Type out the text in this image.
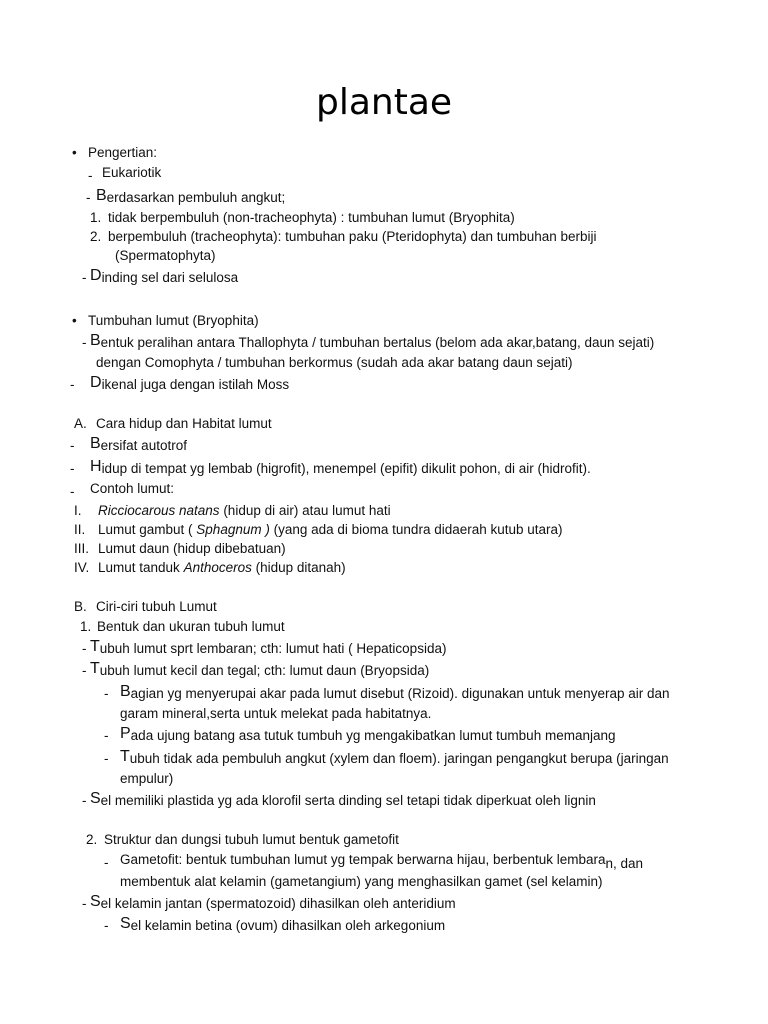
plantae
• Pengertian:
- Eukariotik
- Berdasarkan pembuluh angkut;
1. tidak berpembuluh (non-tracheophyta) : tumbuhan lumut (Bryophita)
2. berpembuluh (tracheophyta): tumbuhan paku (Pteridophyta) dan tumbuhan berbiji
(Spermatophyta)
- Dinding sel dari selulosa
• Tumbuhan lumut (Bryophita)
- Bentuk peralihan antara Thallophyta / tumbuhan bertalus (belom ada akar,batang, daun sejati)
dengan Comophyta / tumbuhan berkormus (sudah ada akar batang daun sejati)
- Dikenal juga dengan istilah Moss
A. Cara hidup dan Habitat lumut
- Bersifat autotrof
- Hidup di tempat yg lembab (higrofit), menempel (epifit) dikulit pohon, di air (hidrofit).
- Contoh lumut:
I. Ricciocarous natans (hidup di air) atau lumut hati
II. Lumut gambut ( Sphagnum ) (yang ada di bioma tundra didaerah kutub utara)
III. Lumut daun (hidup dibebatuan)
IV. Lumut tanduk Anthoceros (hidup ditanah)
B. Ciri-ciri tubuh Lumut
1. Bentuk dan ukuran tubuh lumut
- Tubuh lumut sprt lembaran; cth: lumut hati ( Hepaticopsida)
- Tubuh lumut kecil dan tegal; cth: lumut daun (Bryopsida)
- Bagian yg menyerupai akar pada lumut disebut (Rizoid). digunakan untuk menyerap air dan
garam mineral,serta untuk melekat pada habitatnya.
- Pada ujung batang asa tutuk tumbuh yg mengakibatkan lumut tumbuh memanjang
- Tubuh tidak ada pembuluh angkut (xylem dan floem). jaringan pengangkut berupa (jaringan
empulur)
- Sel memiliki plastida yg ada klorofil serta dinding sel tetapi tidak diperkuat oleh lignin
2. Struktur dan dungsi tubuh lumut bentuk gametofit
- Gametofit: bentuk tumbuhan lumut yg tempak berwarna hijau, berbentuk lembaran, dan
membentuk alat kelamin (gametangium) yang menghasilkan gamet (sel kelamin)
- Sel kelamin jantan (spermatozoid) dihasilkan oleh anteridium
- Sel kelamin betina (ovum) dihasilkan oleh arkegonium
